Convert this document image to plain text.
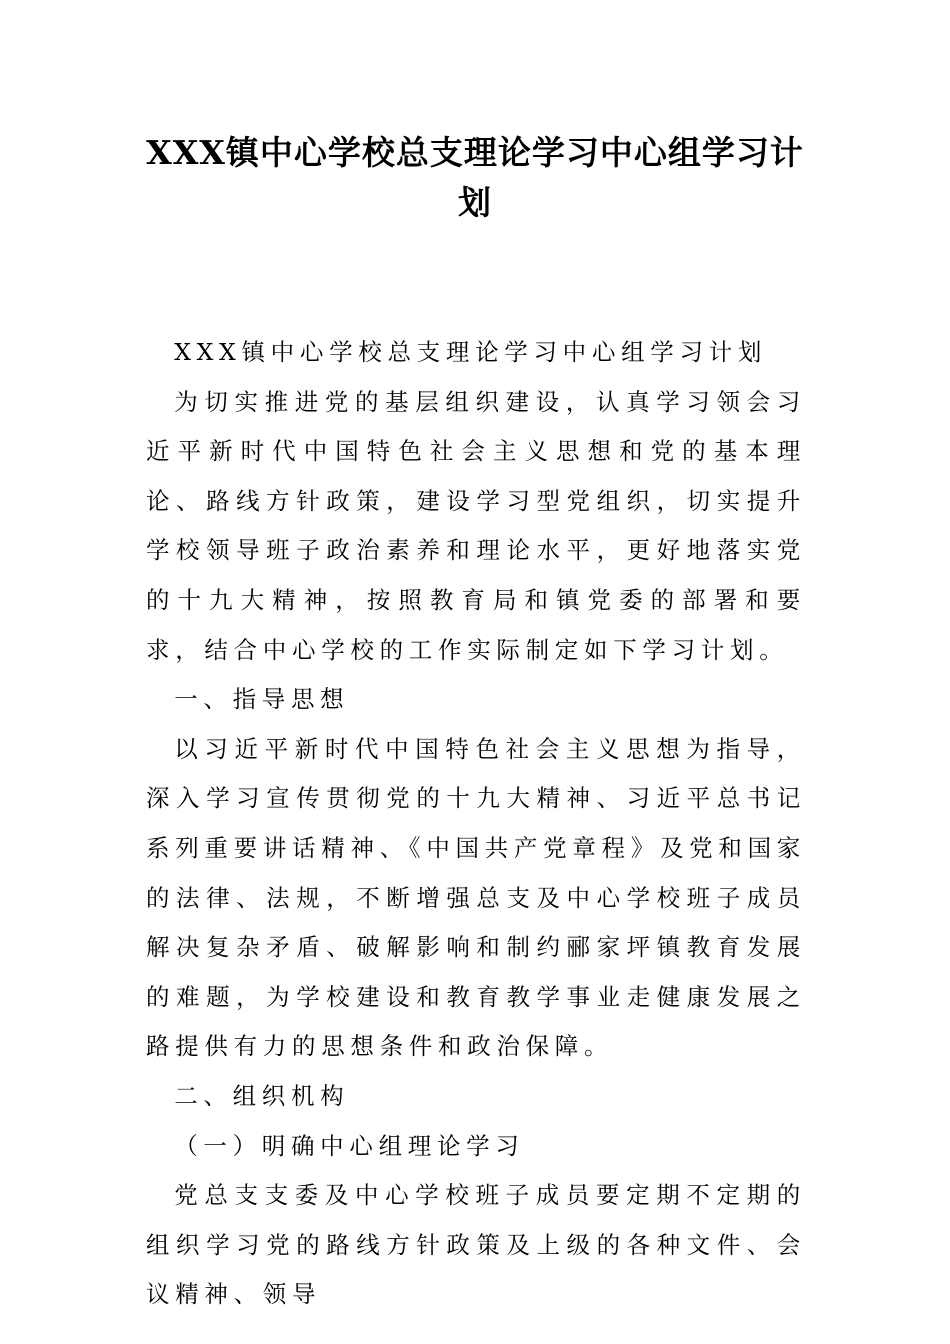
XXX镇中心学校总支理论学习中心组学习计划

XXX镇中心学校总支理论学习中心组学习计划

为切实推进党的基层组织建设，认真学习领会习近平新时代中国特色社会主义思想和党的基本理论、路线方针政策，建设学习型党组织，切实提升学校领导班子政治素养和理论水平，更好地落实党的十九大精神，按照教育局和镇党委的部署和要求，结合中心学校的工作实际制定如下学习计划。

一、指导思想

以习近平新时代中国特色社会主义思想为指导，深入学习宣传贯彻党的十九大精神、习近平总书记系列重要讲话精神、《中国共产党章程》及党和国家的法律、法规，不断增强总支及中心学校班子成员解决复杂矛盾、破解影响和制约郦家坪镇教育发展的难题，为学校建设和教育教学事业走健康发展之路提供有力的思想条件和政治保障。

二、组织机构

（一）明确中心组理论学习

党总支支委及中心学校班子成员要定期不定期的组织学习党的路线方针政策及上级的各种文件、会议精神、领导
